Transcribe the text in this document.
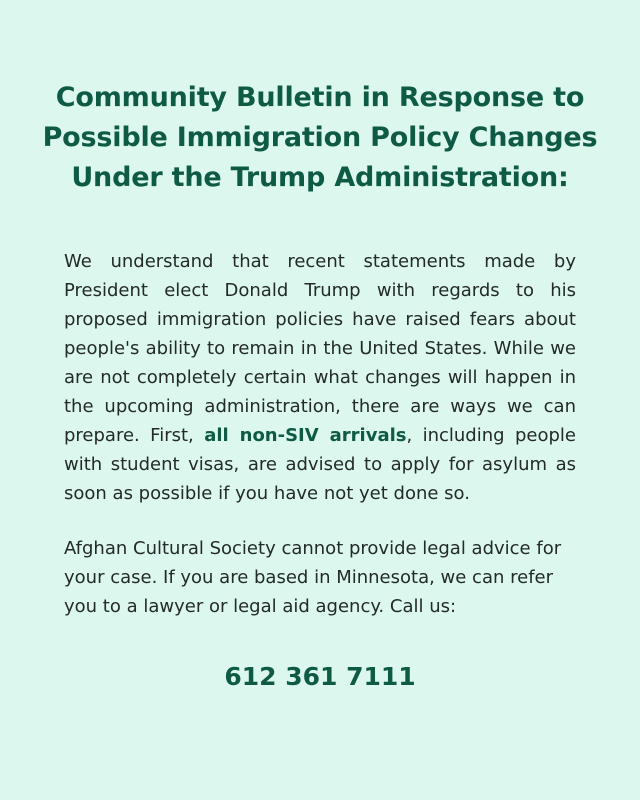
Community Bulletin in Response to
Possible Immigration Policy Changes
Under the Trump Administration:

We understand that recent statements made by President elect Donald Trump with regards to his proposed immigration policies have raised fears about people's ability to remain in the United States. While we are not completely certain what changes will happen in the upcoming administration, there are ways we can prepare. First, all non-SIV arrivals, including people with student visas, are advised to apply for asylum as soon as possible if you have not yet done so.

Afghan Cultural Society cannot provide legal advice for your case. If you are based in Minnesota, we can refer you to a lawyer or legal aid agency. Call us:

612 361 7111
